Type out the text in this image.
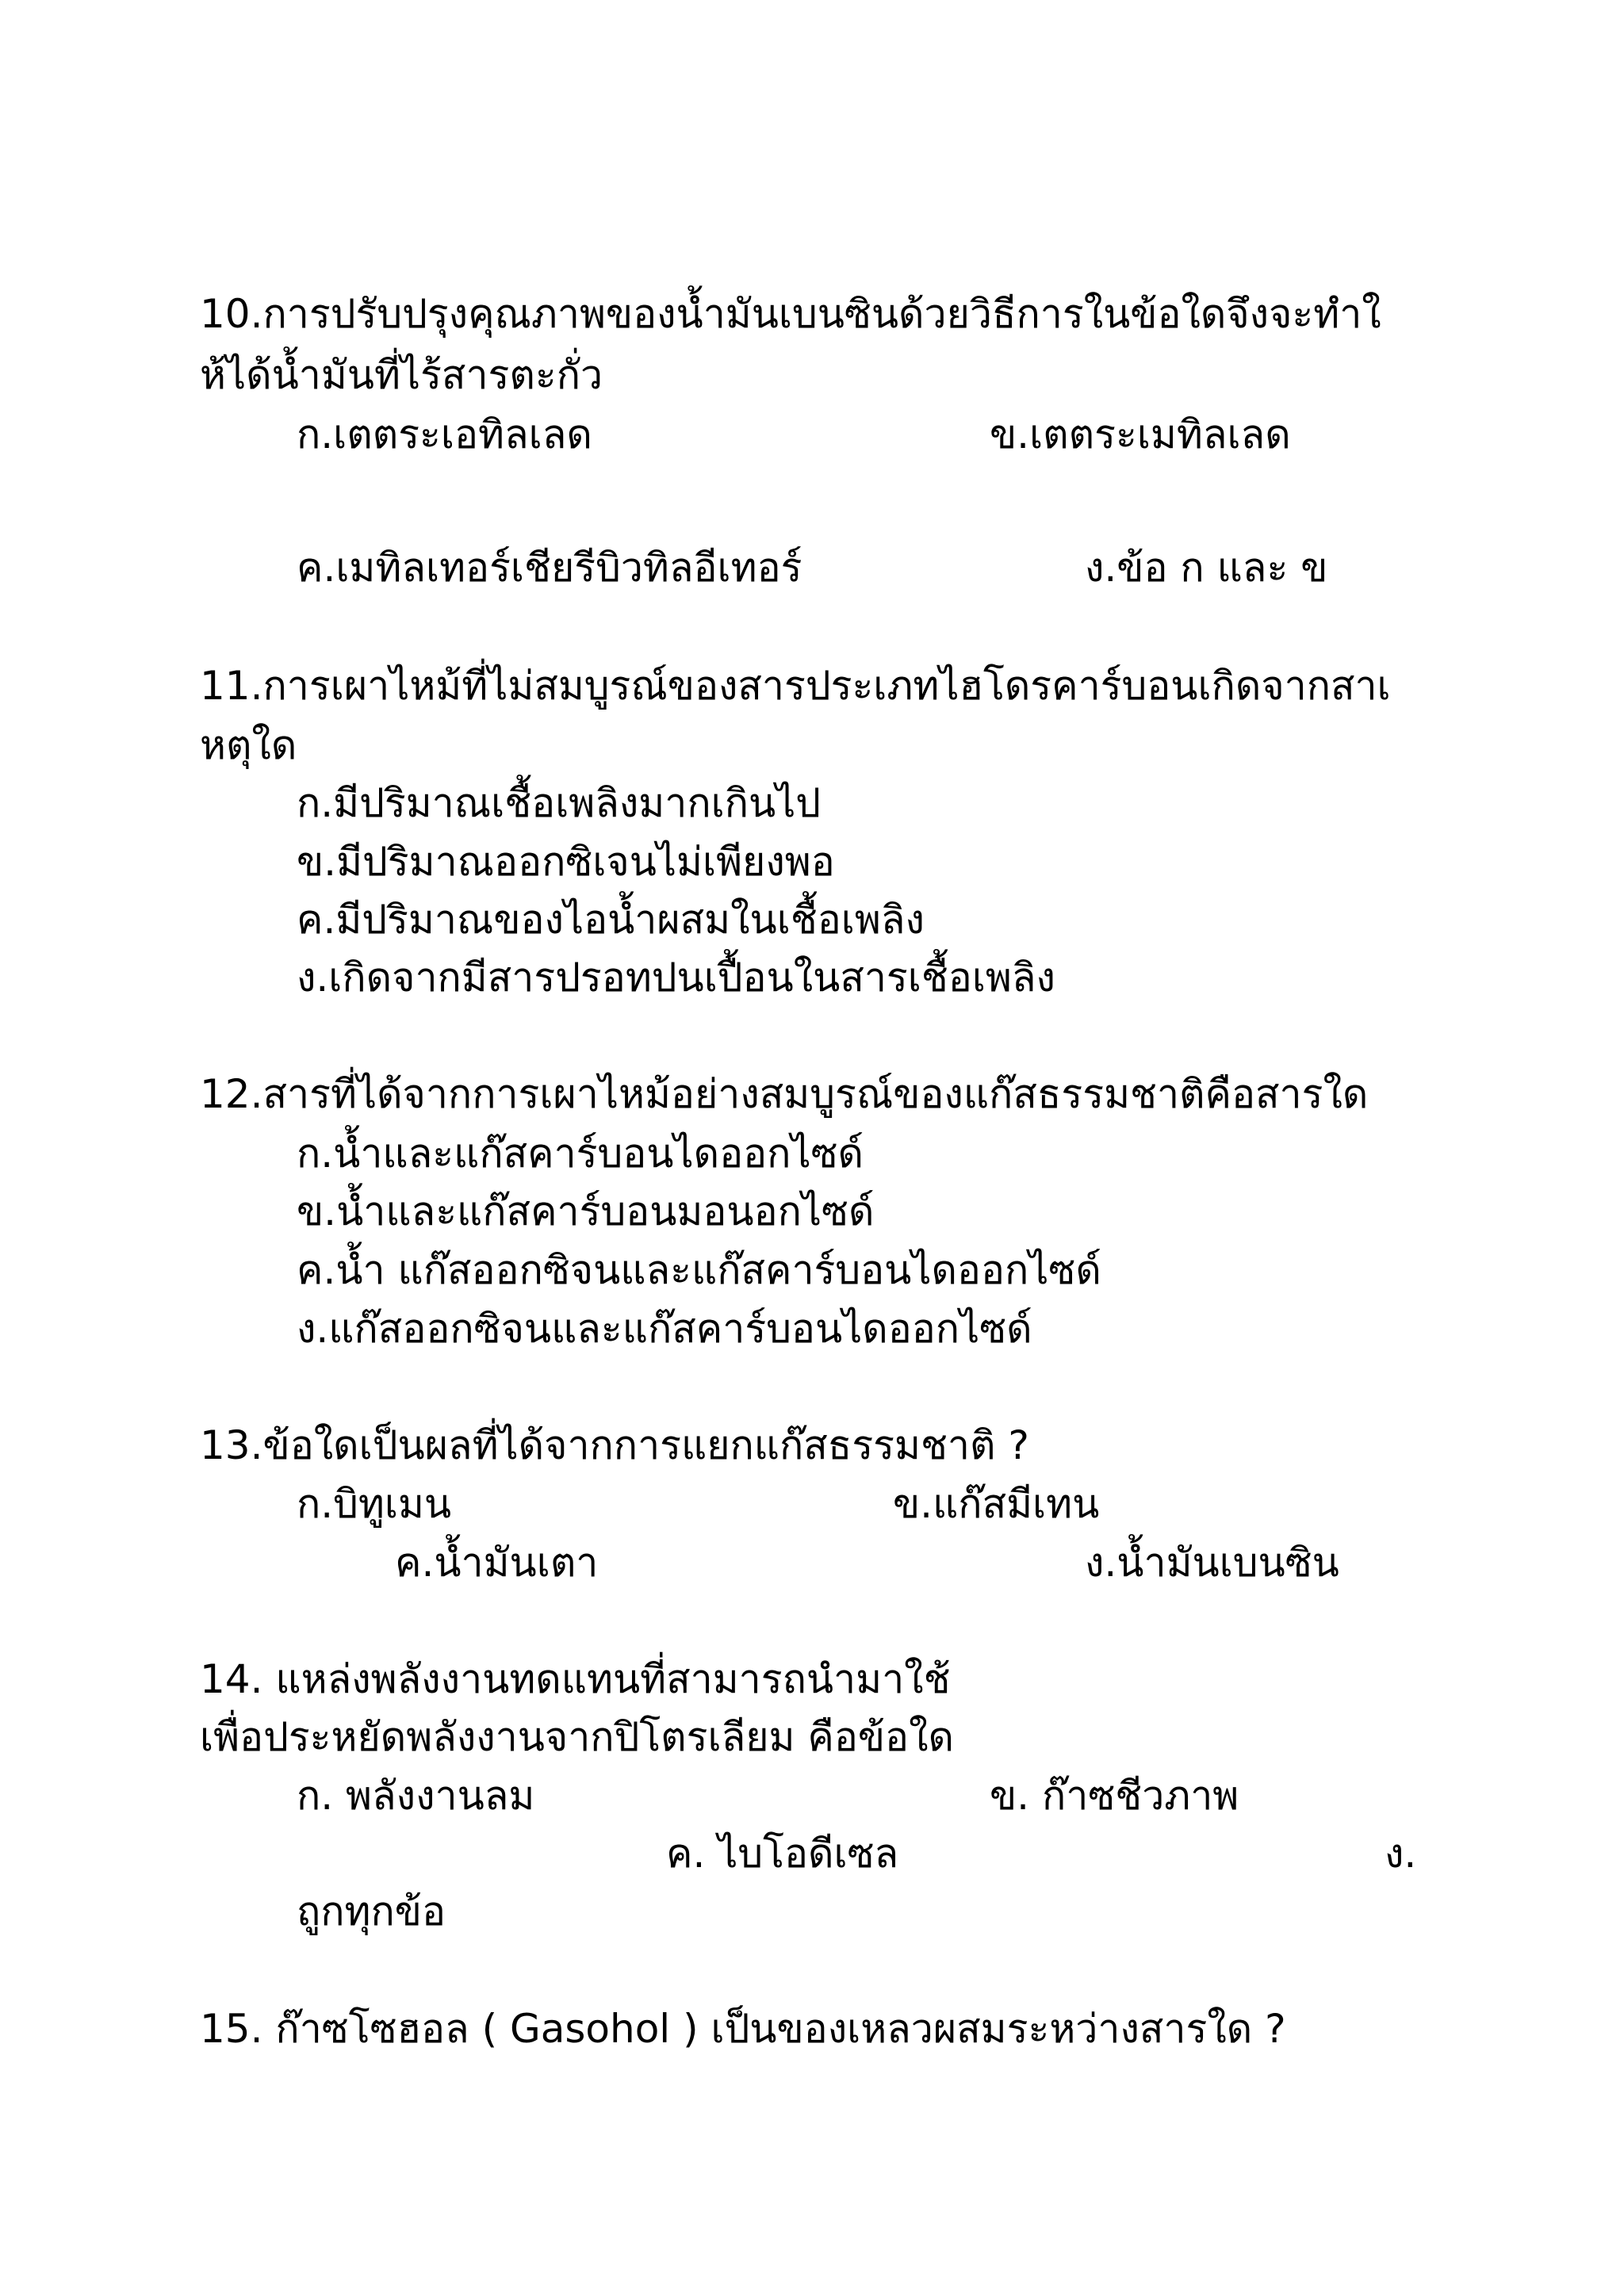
10.การปรับปรุงคุณภาพของน้ำมันเบนซินด้วยวิธีการในข้อใดจึงจะทำใ
ห้ได้น้ำมันที่ไร้สารตะกั่ว
ก.เตตระเอทิลเลด	ข.เตตระเมทิลเลด
ค.เมทิลเทอร์เชียรีบิวทิลอีเทอร์	ง.ข้อ ก และ ข
11.การเผาไหม้ที่ไม่สมบูรณ์ของสารประเภทไฮโดรคาร์บอนเกิดจากสาเ
หตุใด
ก.มีปริมาณเชื้อเพลิงมากเกินไป
ข.มีปริมาณออกซิเจนไม่เพียงพอ
ค.มีปริมาณของไอน้ำผสมในเชื้อเพลิง
ง.เกิดจากมีสารปรอทปนเปื้อนในสารเชื้อเพลิง
12.สารที่ได้จากการเผาไหม้อย่างสมบูรณ์ของแก๊สธรรมชาติคือสารใด
ก.น้ำและแก๊สคาร์บอนไดออกไซด์
ข.น้ำและแก๊สคาร์บอนมอนอกไซด์
ค.น้ำ แก๊สออกซิจนและแก๊สคาร์บอนไดออกไซด์
ง.แก๊สออกซิจนและแก๊สคาร์บอนไดออกไซด์
13.ข้อใดเป็นผลที่ได้จากการแยกแก๊สธรรมชาติ ?
ก.บิทูเมน	ข.แก๊สมีเทน
ค.น้ำมันเตา	ง.น้ำมันเบนซิน
14. แหล่งพลังงานทดแทนที่สามารถนำมาใช้
เพื่อประหยัดพลังงานจากปิโตรเลียม คือข้อใด
ก. พลังงานลม	ข. ก๊าซชีวภาพ
ค. ไบโอดีเซล	ง.
ถูกทุกข้อ
15. ก๊าซโซฮอล ( Gasohol ) เป็นของเหลวผสมระหว่างสารใด ?
